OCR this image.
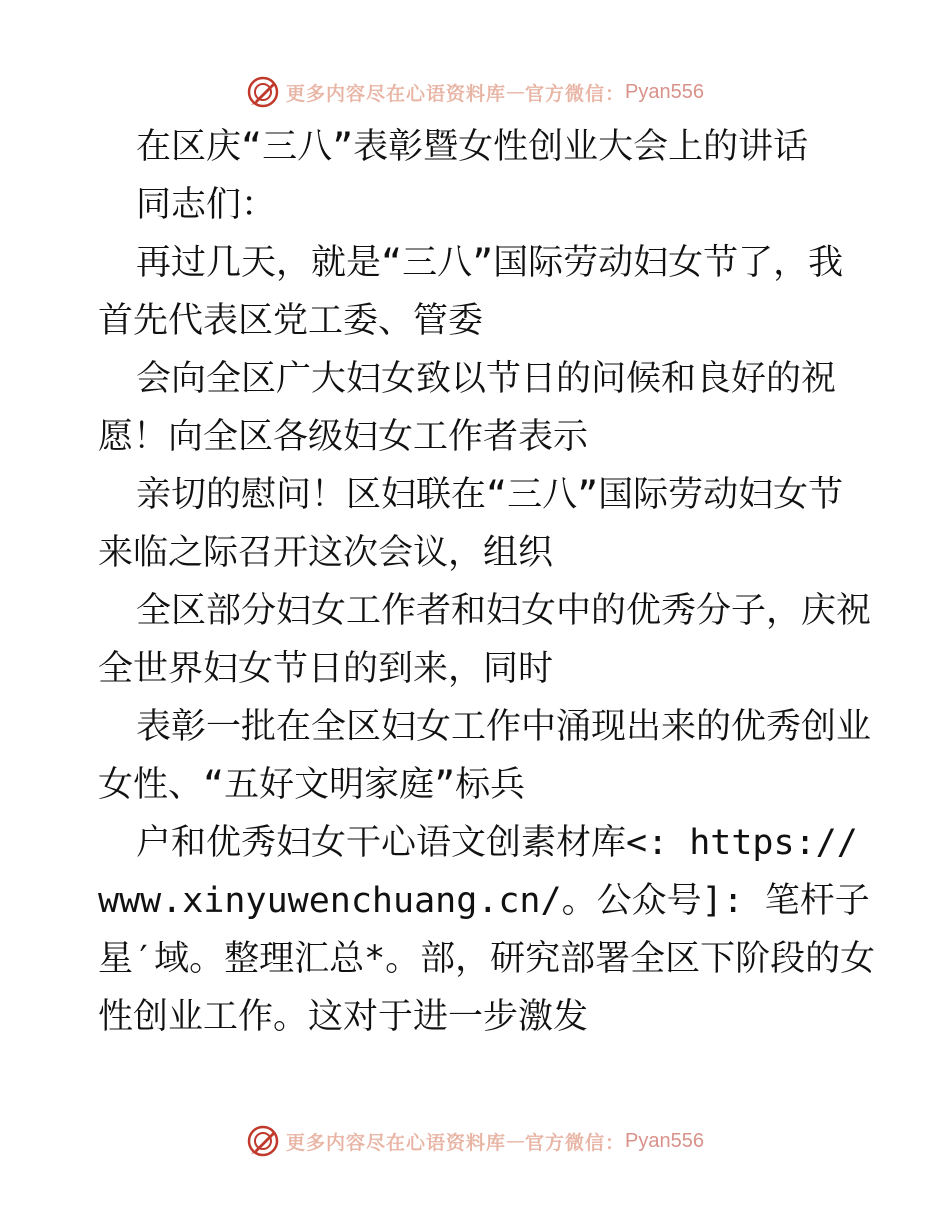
更多内容尽在心语资料库 — 官方微信： Pyan556
在区庆“三八”表彰暨女性创业大会上的讲话
同志们：
再过几天，就是“三八”国际劳动妇女节了，我
首先代表区党工委、管委
会向全区广大妇女致以节日的问候和良好的祝
愿！向全区各级妇女工作者表示
亲切的慰问！区妇联在“三八”国际劳动妇女节
来临之际召开这次会议，组织
全区部分妇女工作者和妇女中的优秀分子，庆祝
全世界妇女节日的到来，同时
表彰一批在全区妇女工作中涌现出来的优秀创业
女性、“五好文明家庭”标兵
户和优秀妇女干心语文创素材库<: https://
www.xinyuwenchuang.cn/。公众号]: 笔杆子
星′域。整理汇总*。部，研究部署全区下阶段的女
性创业工作。这对于进一步激发
更多内容尽在心语资料库 — 官方微信： Pyan556
